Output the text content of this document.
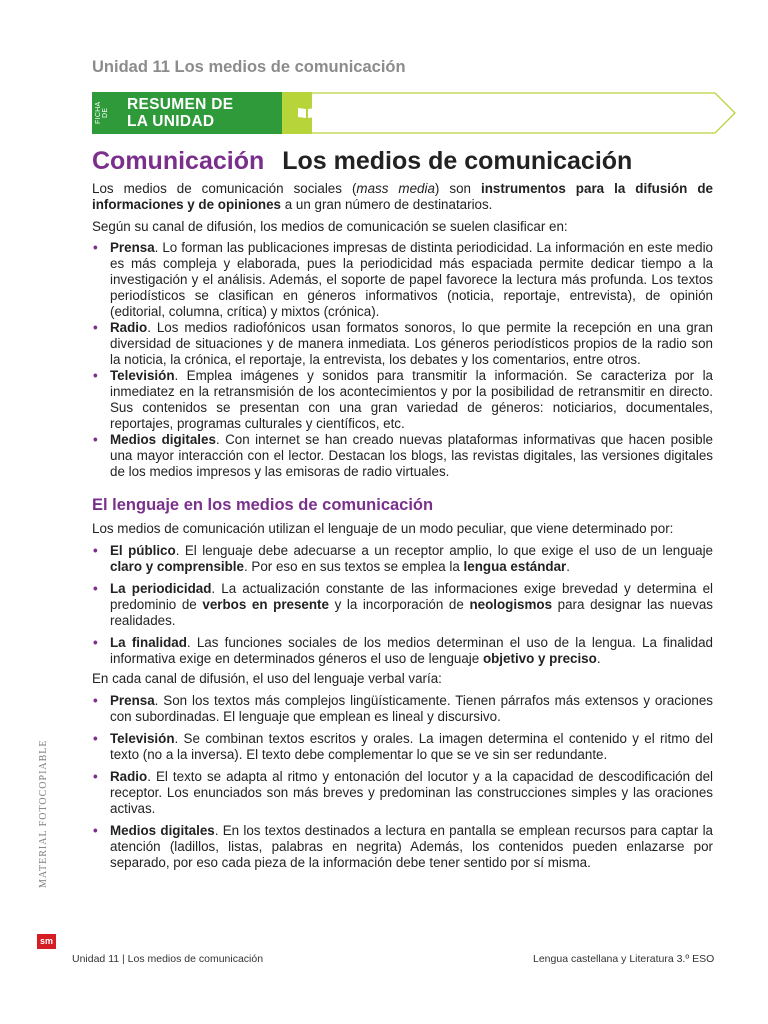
Unidad 11 Los medios de comunicación
FICHA DE
RESUMEN DE
LA UNIDAD
Comunicación Los medios de comunicación

Los medios de comunicación sociales (mass media) son instrumentos para la difusión de informaciones y de opiniones a un gran número de destinatarios.

Según su canal de difusión, los medios de comunicación se suelen clasificar en:

• Prensa. Lo forman las publicaciones impresas de distinta periodicidad. La información en este medio es más compleja y elaborada, pues la periodicidad más espaciada permite dedicar tiempo a la investigación y el análisis. Además, el soporte de papel favorece la lectura más profunda. Los textos periodísticos se clasifican en géneros informativos (noticia, reportaje, entrevista), de opinión (editorial, columna, crítica) y mixtos (crónica).
• Radio. Los medios radiofónicos usan formatos sonoros, lo que permite la recepción en una gran diversidad de situaciones y de manera inmediata. Los géneros periodísticos propios de la radio son la noticia, la crónica, el reportaje, la entrevista, los debates y los comentarios, entre otros.
• Televisión. Emplea imágenes y sonidos para transmitir la información. Se caracteriza por la inmediatez en la retransmisión de los acontecimientos y por la posibilidad de retransmitir en directo. Sus contenidos se presentan con una gran variedad de géneros: noticiarios, documentales, reportajes, programas culturales y científicos, etc.
• Medios digitales. Con internet se han creado nuevas plataformas informativas que hacen posible una mayor interacción con el lector. Destacan los blogs, las revistas digitales, las versiones digitales de los medios impresos y las emisoras de radio virtuales.

El lenguaje en los medios de comunicación

Los medios de comunicación utilizan el lenguaje de un modo peculiar, que viene determinado por:

• El público. El lenguaje debe adecuarse a un receptor amplio, lo que exige el uso de un lenguaje claro y comprensible. Por eso en sus textos se emplea la lengua estándar.
• La periodicidad. La actualización constante de las informaciones exige brevedad y determina el predominio de verbos en presente y la incorporación de neologismos para designar las nuevas realidades.
• La finalidad. Las funciones sociales de los medios determinan el uso de la lengua. La finalidad informativa exige en determinados géneros el uso de lenguaje objetivo y preciso.

En cada canal de difusión, el uso del lenguaje verbal varía:

• Prensa. Son los textos más complejos lingüísticamente. Tienen párrafos más extensos y oraciones con subordinadas. El lenguaje que emplean es lineal y discursivo.
• Televisión. Se combinan textos escritos y orales. La imagen determina el contenido y el ritmo del texto (no a la inversa). El texto debe complementar lo que se ve sin ser redundante.
• Radio. El texto se adapta al ritmo y entonación del locutor y a la capacidad de descodificación del receptor. Los enunciados son más breves y predominan las construcciones simples y las oraciones activas.
• Medios digitales. En los textos destinados a lectura en pantalla se emplean recursos para captar la atención (ladillos, listas, palabras en negrita) Además, los contenidos pueden enlazarse por separado, por eso cada pieza de la información debe tener sentido por sí misma.
MATERIAL FOTOCOPIABLE
sm
Unidad 11 | Los medios de comunicación	Lengua castellana y Literatura 3.º ESO
